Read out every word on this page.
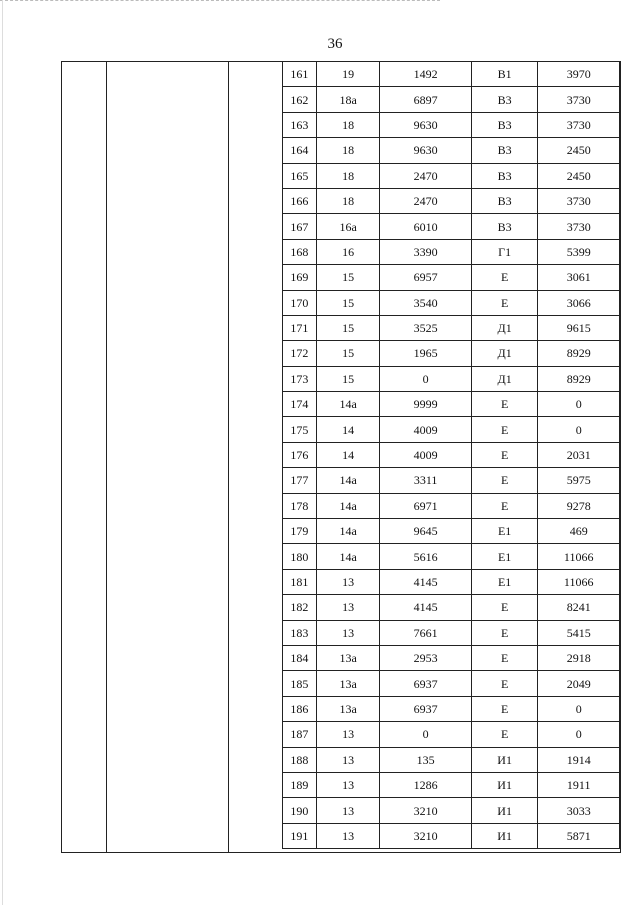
36
161	19	1492	В1	3970
162	18а	6897	В3	3730
163	18	9630	В3	3730
164	18	9630	В3	2450
165	18	2470	В3	2450
166	18	2470	В3	3730
167	16а	6010	В3	3730
168	16	3390	Г1	5399
169	15	6957	Е	3061
170	15	3540	Е	3066
171	15	3525	Д1	9615
172	15	1965	Д1	8929
173	15	0	Д1	8929
174	14а	9999	Е	0
175	14	4009	Е	0
176	14	4009	Е	2031
177	14а	3311	Е	5975
178	14а	6971	Е	9278
179	14а	9645	Е1	469
180	14а	5616	Е1	11066
181	13	4145	Е1	11066
182	13	4145	Е	8241
183	13	7661	Е	5415
184	13а	2953	Е	2918
185	13а	6937	Е	2049
186	13а	6937	Е	0
187	13	0	Е	0
188	13	135	И1	1914
189	13	1286	И1	1911
190	13	3210	И1	3033
191	13	3210	И1	5871
